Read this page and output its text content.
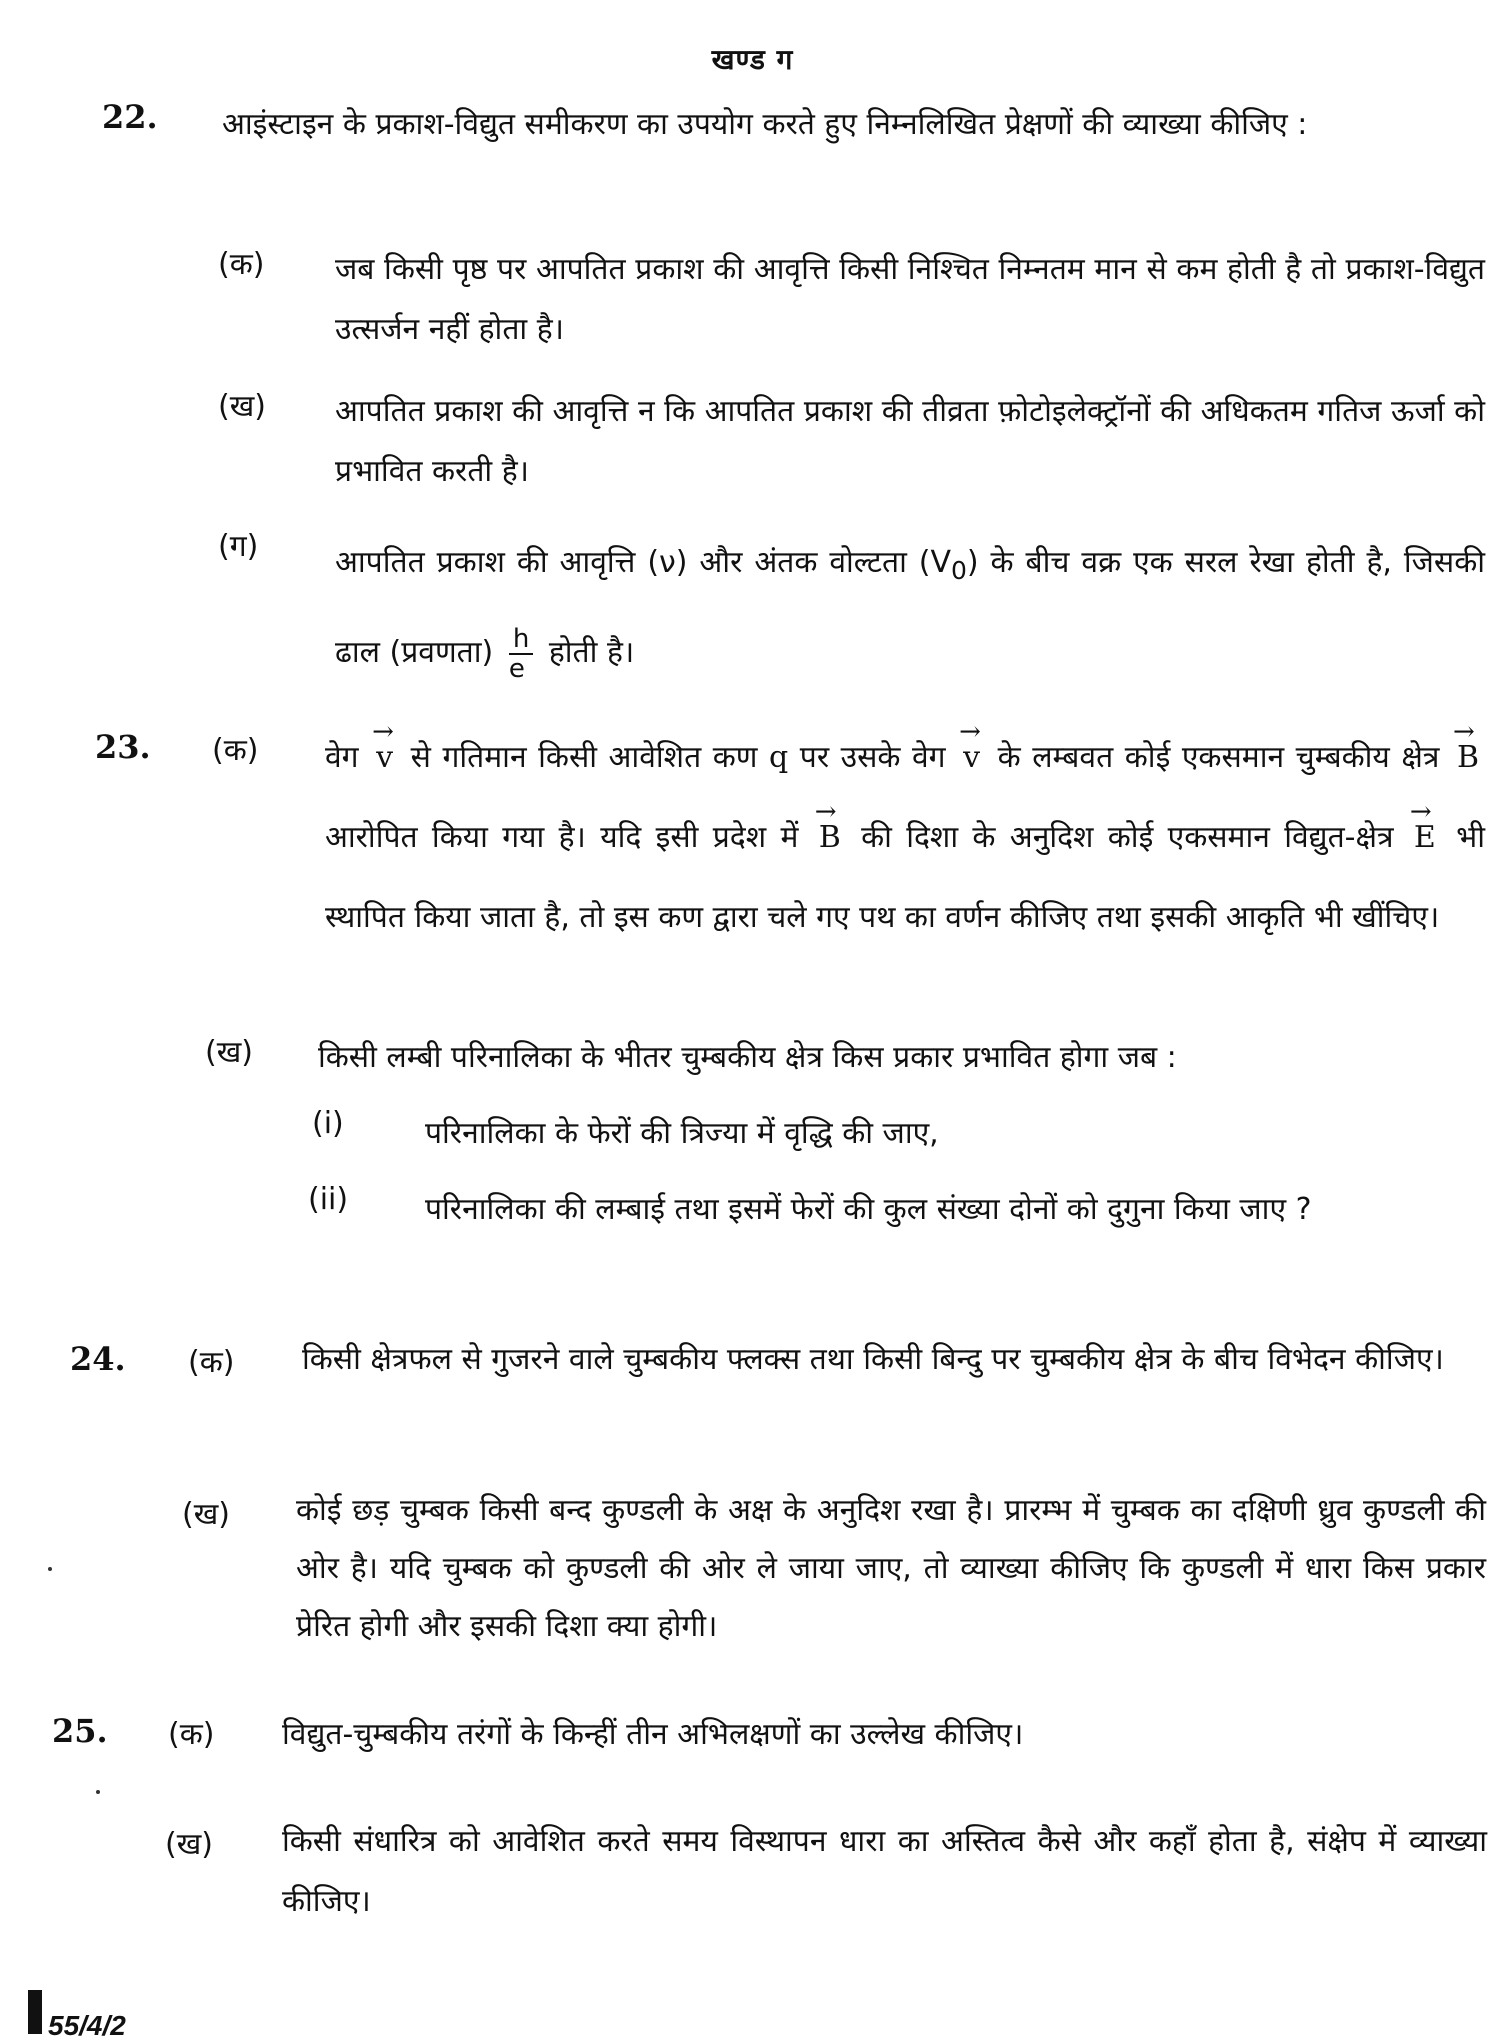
खण्ड ग
22. आइंस्टाइन के प्रकाश-विद्युत समीकरण का उपयोग करते हुए निम्नलिखित प्रेक्षणों की व्याख्या कीजिए :
(क) जब किसी पृष्ठ पर आपतित प्रकाश की आवृत्ति किसी निश्चित निम्नतम मान से कम होती है तो प्रकाश-विद्युत उत्सर्जन नहीं होता है।
(ख) आपतित प्रकाश की आवृत्ति न कि आपतित प्रकाश की तीव्रता फ़ोटोइलेक्ट्रॉनों की अधिकतम गतिज ऊर्जा को प्रभावित करती है।
(ग)	आपतित प्रकाश की आवृत्ति (ν) और अंतक वोल्टता $(V_0)$ के बीच वक्र एक सरल रेखा होती है, जिसकी ढाल (प्रवणता) $\frac{h}{e}$ होती है।
23. (क) वेग → v से गतिमान किसी आवेशित कण q पर उसके वेग → v के लम्बवत कोई एकसमान चुम्बकीय क्षेत्र → B आरोपित किया गया है। यदि इसी प्रदेश में → B की दिशा के अनुदिश कोई एकसमान विद्युत-क्षेत्र → E भी स्थापित किया जाता है, तो इस कण द्वारा चले गए पथ का वर्णन कीजिए तथा इसकी आकृति भी खींचिए।
(ख) किसी लम्बी परिनालिका के भीतर चुम्बकीय क्षेत्र किस प्रकार प्रभावित होगा जब :
(i)	परिनालिका के फेरों की त्रिज्या में वृद्धि की जाए,
(ii)	परिनालिका की लम्बाई तथा इसमें फेरों की कुल संख्या दोनों को दुगुना किया जाए ?
24. (क) किसी क्षेत्रफल से गुजरने वाले चुम्बकीय फ्लक्स तथा किसी बिन्दु पर चुम्बकीय क्षेत्र के बीच विभेदन कीजिए।
(ख) कोई छड़ चुम्बक किसी बन्द कुण्डली के अक्ष के अनुदिश रखा है। प्रारम्भ में चुम्बक का दक्षिणी ध्रुव कुण्डली की ओर है। यदि चुम्बक को कुण्डली की ओर ले जाया जाए, तो व्याख्या कीजिए कि कुण्डली में धारा किस प्रकार प्रेरित होगी और इसकी दिशा क्या होगी।
25. (क) विद्युत-चुम्बकीय तरंगों के किन्हीं तीन अभिलक्षणों का उल्लेख कीजिए।
(ख) किसी संधारित्र को आवेशित करते समय विस्थापन धारा का अस्तित्व कैसे और कहाँ होता है, संक्षेप में व्याख्या कीजिए।
55/4/2
